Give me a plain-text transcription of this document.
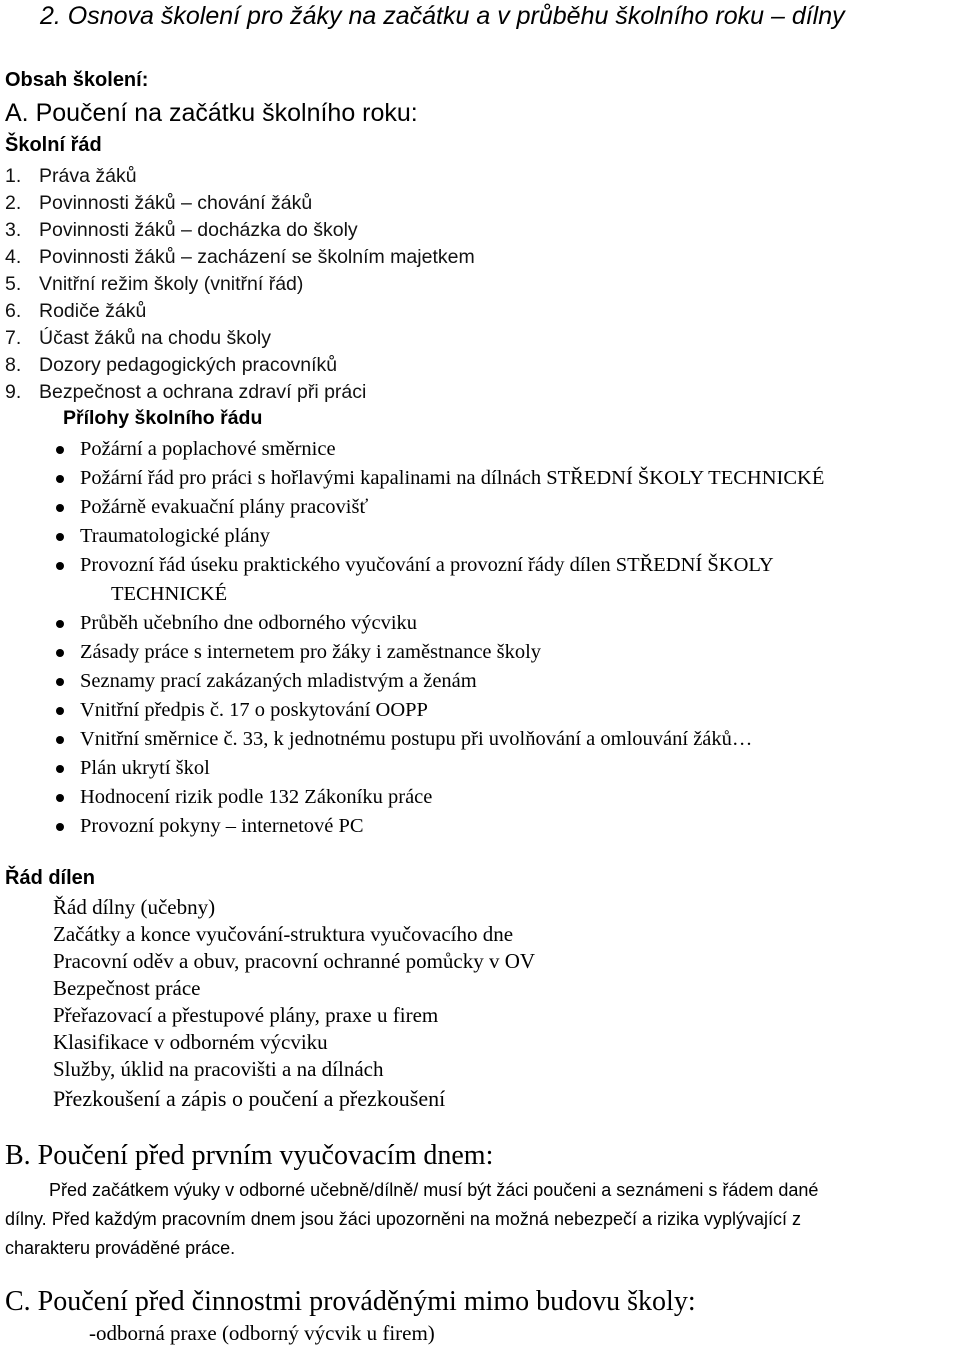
2. Osnova školení pro žáky na začátku a v průběhu školního roku – dílny
Obsah školení:
A. Poučení na začátku školního roku:
Školní řád
1. Práva žáků
2. Povinnosti žáků – chování žáků
3. Povinnosti žáků – docházka do školy
4. Povinnosti žáků – zacházení se školním majetkem
5. Vnitřní režim školy (vnitřní řád)
6. Rodiče žáků
7. Účast žáků na chodu školy
8. Dozory pedagogických pracovníků
9. Bezpečnost a ochrana zdraví při práci
Přílohy školního řádu
Požární a poplachové směrnice
Požární řád pro práci s hořlavými kapalinami na dílnách STŘEDNÍ ŠKOLY TECHNICKÉ
Požárně evakuační plány pracovišť
Traumatologické plány
Provozní řád úseku praktického vyučování a provozní řády dílen STŘEDNÍ ŠKOLY
TECHNICKÉ
Průběh učebního dne odborného výcviku
Zásady práce s internetem pro žáky i zaměstnance školy
Seznamy prací zakázaných mladistvým a ženám
Vnitřní předpis č. 17 o poskytování OOPP
Vnitřní směrnice č. 33, k jednotnému postupu při uvolňování a omlouvání žáků…
Plán ukrytí škol
Hodnocení rizik podle 132 Zákoníku práce
Provozní pokyny – internetové PC
Řád dílen
Řád dílny (učebny)
Začátky a konce vyučování-struktura vyučovacího dne
Pracovní oděv a obuv, pracovní ochranné pomůcky v OV
Bezpečnost práce
Přeřazovací a přestupové plány, praxe u firem
Klasifikace v odborném výcviku
Služby, úklid na pracovišti a na dílnách
Přezkoušení a zápis o poučení a přezkoušení
B. Poučení před prvním vyučovacím dnem:
Před začátkem výuky v odborné učebně/dílně/ musí být žáci poučeni a seznámeni s řádem dané
dílny. Před každým pracovním dnem jsou žáci upozorněni na možná nebezpečí a rizika vyplývající z
charakteru prováděné práce.
C. Poučení před činnostmi prováděnými mimo budovu školy:
-odborná praxe (odborný výcvik u firem)
